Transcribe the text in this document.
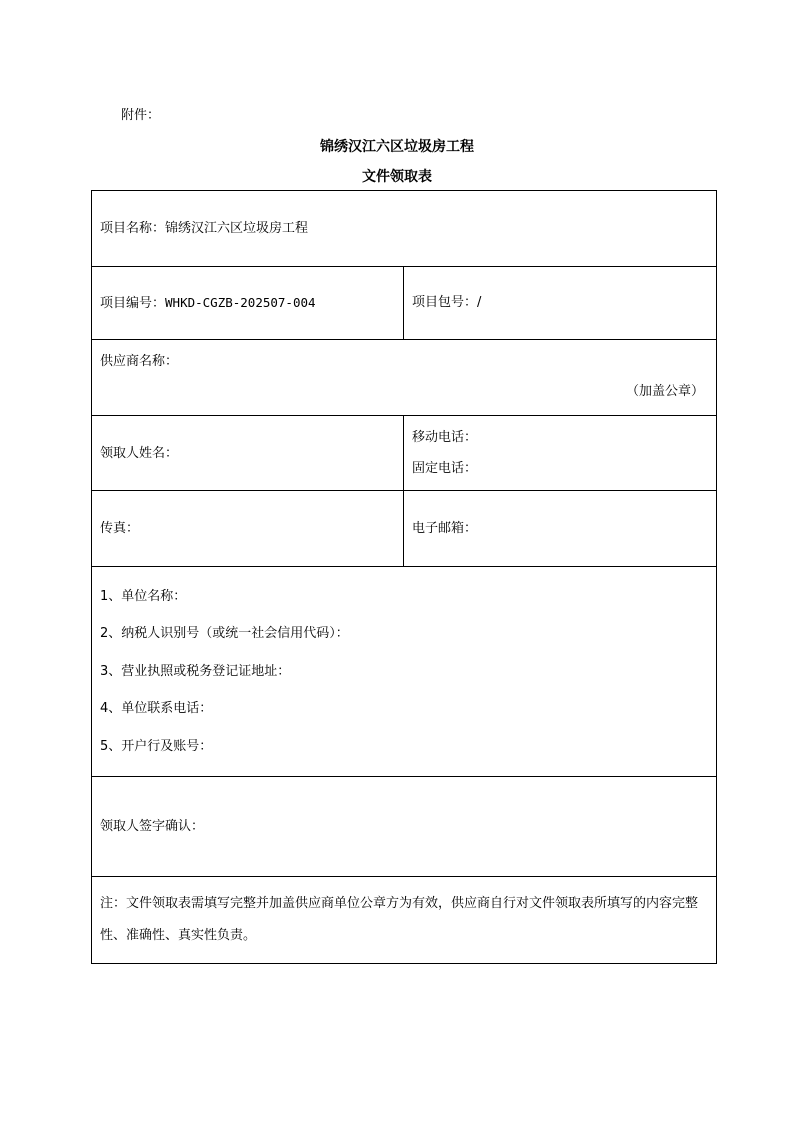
附件：
锦绣汉江六区垃圾房工程
文件领取表
项目名称：锦绣汉江六区垃圾房工程	
项目编号：WHKD-CGZB-202507-004	项目包号：/

供应商名称：
（加盖公章）	

领取人姓名：	移动电话：
固定电话：

传真：	电子邮箱：

1、单位名称：
2、纳税人识别号（或统一社会信用代码）：
3、营业执照或税务登记证地址：
4、单位联系电话：
5、开户行及账号：	

领取人签字确认：	
注：文件领取表需填写完整并加盖供应商单位公章方为有效，供应商自行对文件领取表所填写的内容完整性、准确性、真实性负责。	
